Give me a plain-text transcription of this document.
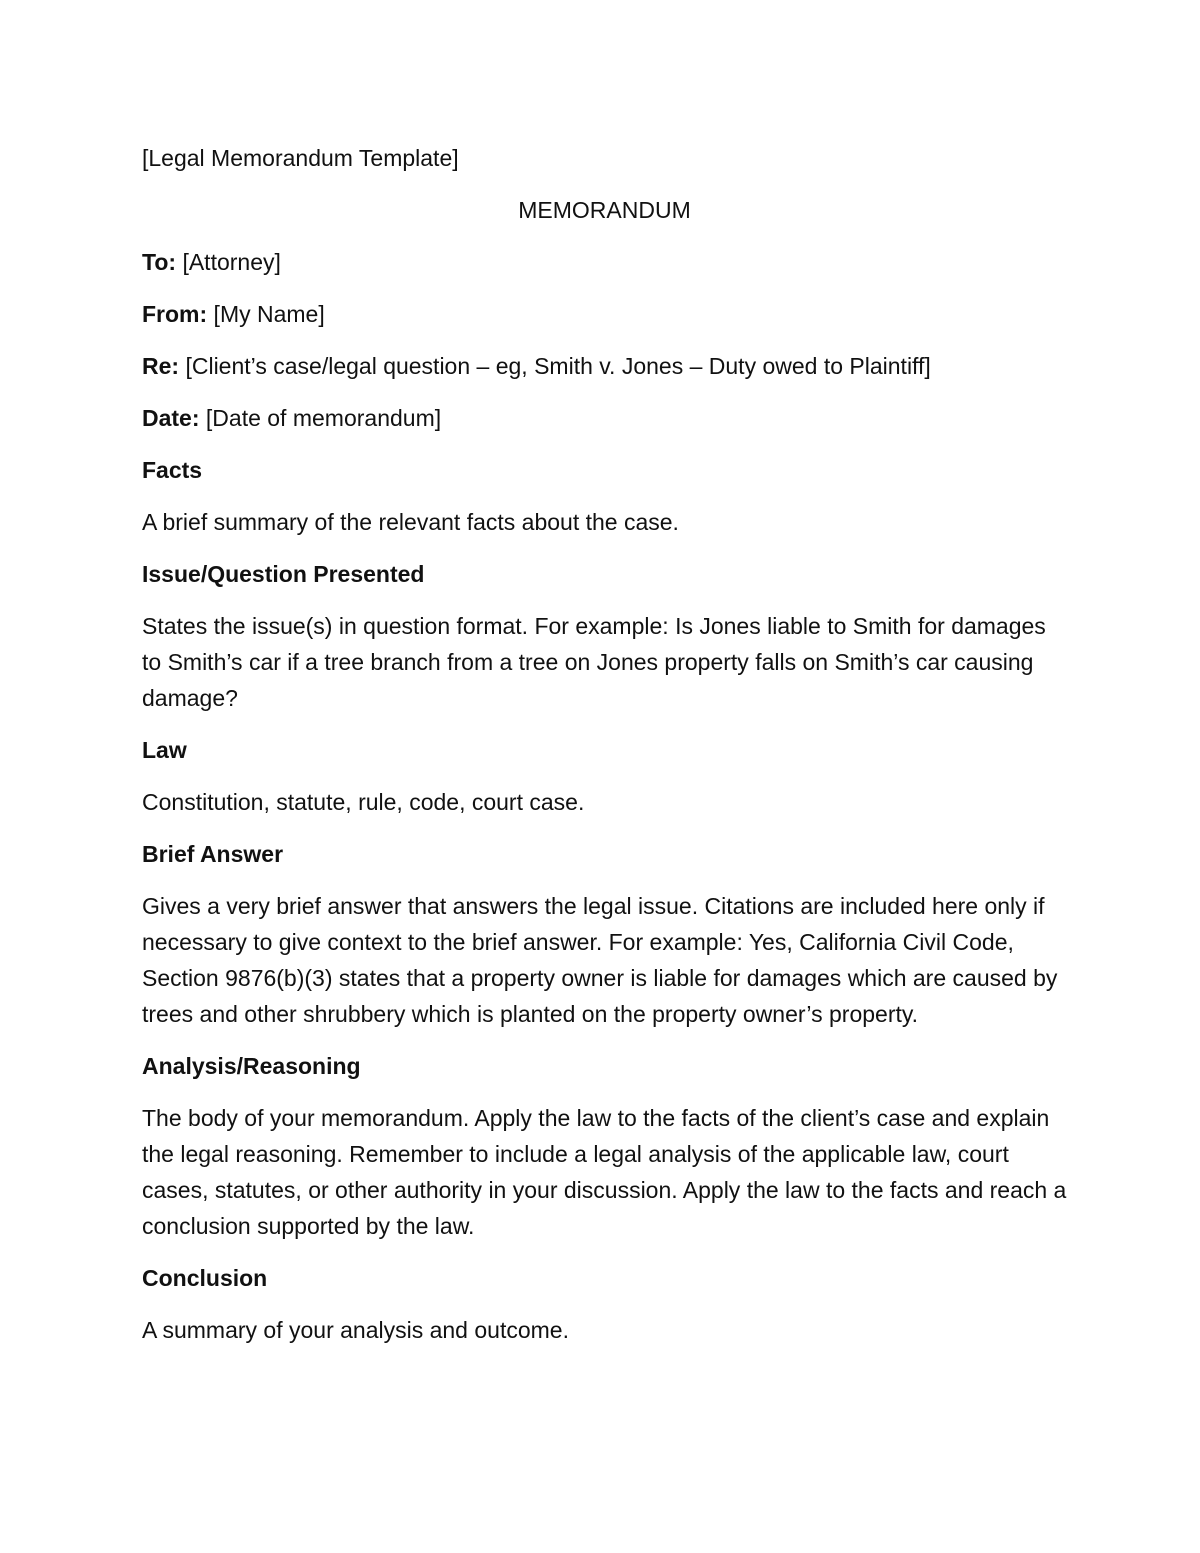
[Legal Memorandum Template]

MEMORANDUM

To: [Attorney]

From: [My Name]

Re: [Client’s case/legal question – eg, Smith v. Jones – Duty owed to Plaintiff]

Date: [Date of memorandum]

Facts

A brief summary of the relevant facts about the case.

Issue/Question Presented

States the issue(s) in question format. For example: Is Jones liable to Smith for damages to Smith’s car if a tree branch from a tree on Jones property falls on Smith’s car causing damage?

Law

Constitution, statute, rule, code, court case.

Brief Answer

Gives a very brief answer that answers the legal issue. Citations are included here only if necessary to give context to the brief answer. For example: Yes, California Civil Code, Section 9876(b)(3) states that a property owner is liable for damages which are caused by trees and other shrubbery which is planted on the property owner’s property.

Analysis/Reasoning

The body of your memorandum. Apply the law to the facts of the client’s case and explain the legal reasoning. Remember to include a legal analysis of the applicable law, court cases, statutes, or other authority in your discussion. Apply the law to the facts and reach a conclusion supported by the law.

Conclusion

A summary of your analysis and outcome.
